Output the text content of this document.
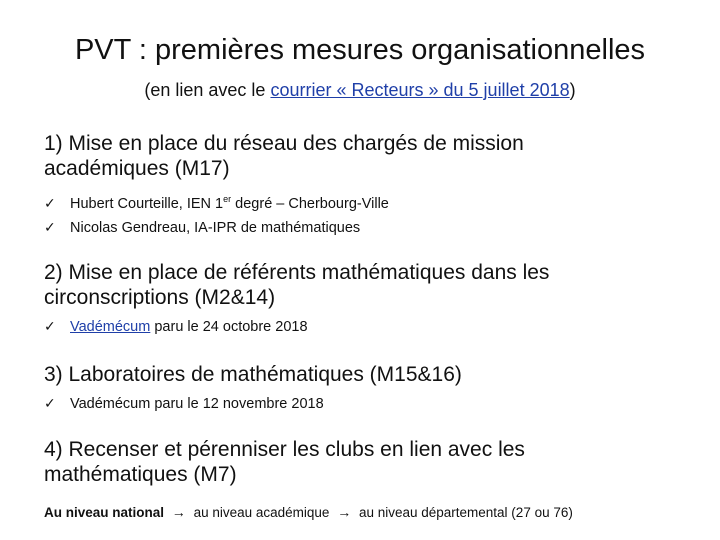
PVT : premières mesures organisationnelles
(en lien avec le courrier « Recteurs » du 5 juillet 2018)
1) Mise en place du réseau des chargés de mission
académiques (M17)
✓ Hubert Courteille, IEN 1er degré – Cherbourg-Ville
✓ Nicolas Gendreau, IA-IPR de mathématiques
2) Mise en place de référents mathématiques dans les
circonscriptions (M2&14)
✓ Vadémécum paru le 24 octobre 2018
3) Laboratoires de mathématiques (M15&16)
✓ Vadémécum paru le 12 novembre 2018
4) Recenser et pérenniser les clubs en lien avec les
mathématiques (M7)
Au niveau national → au niveau académique → au niveau départemental (27 ou 76)
